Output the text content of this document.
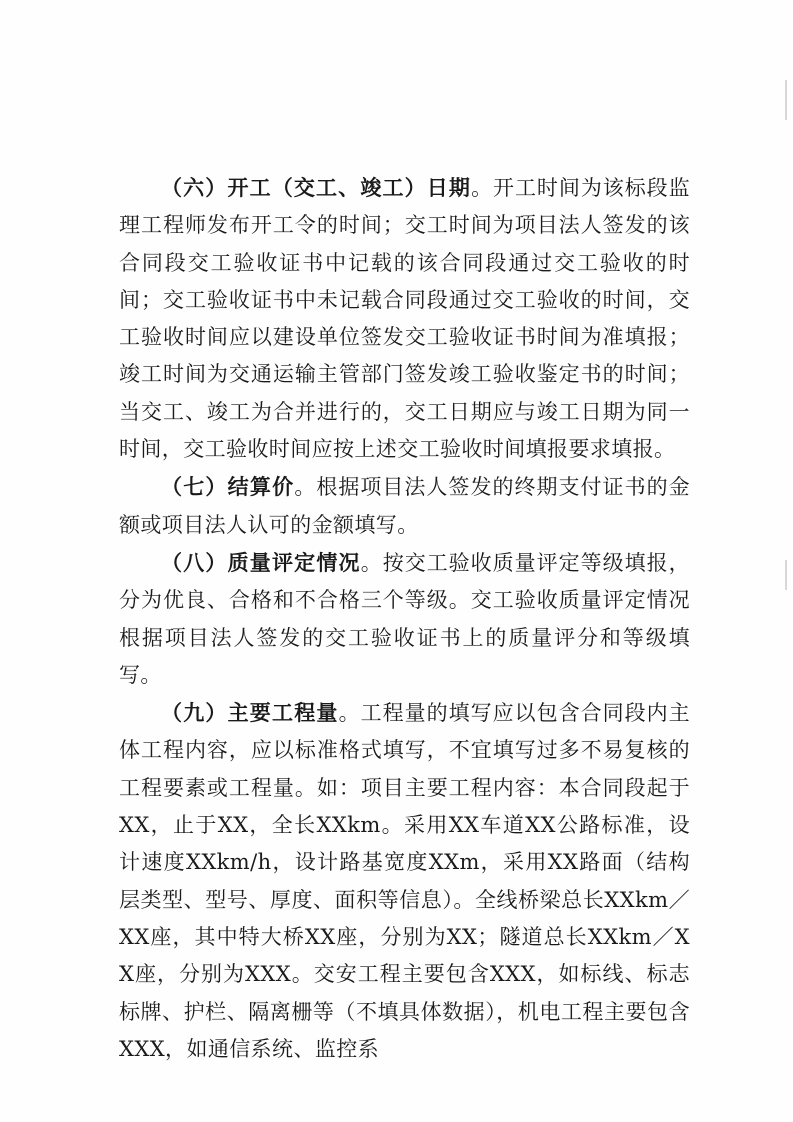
（六）开工（交工、竣工）日期。开工时间为该标段监理工程师发布开工令的时间；交工时间为项目法人签发的该合同段交工验收证书中记载的该合同段通过交工验收的时间；交工验收证书中未记载合同段通过交工验收的时间，交工验收时间应以建设单位签发交工验收证书时间为准填报；竣工时间为交通运输主管部门签发竣工验收鉴定书的时间； 当交工、竣工为合并进行的，交工日期应与竣工日期为同一时间，交工验收时间应按上述交工验收时间填报要求填报。

（七）结算价。根据项目法人签发的终期支付证书的金额或项目法人认可的金额填写。

（八）质量评定情况。按交工验收质量评定等级填报，分为优良、合格和不合格三个等级。交工验收质量评定情况根据项目法人签发的交工验收证书上的质量评分和等级填写。

（九）主要工程量。工程量的填写应以包含合同段内主体工程内容，应以标准格式填写，不宜填写过多不易复核的工程要素或工程量。如：项目主要工程内容：本合同段起于XX，止于XX，全长XXkm。采用XX车道XX公路标准，设计速度XXkm/h，设计路基宽度XXm，采用XX路面（结构层类型、型号、厚度、面积等信息）。全线桥梁总长XXkm／XX座，其中特大桥XX座，分别为XX；隧道总长XXkm／XX座，分别为XXX。交安工程主要包含XXX，如标线、标志标牌、护栏、隔离栅等（不填具体数据），机电工程主要包含XXX，如通信系统、监控系
